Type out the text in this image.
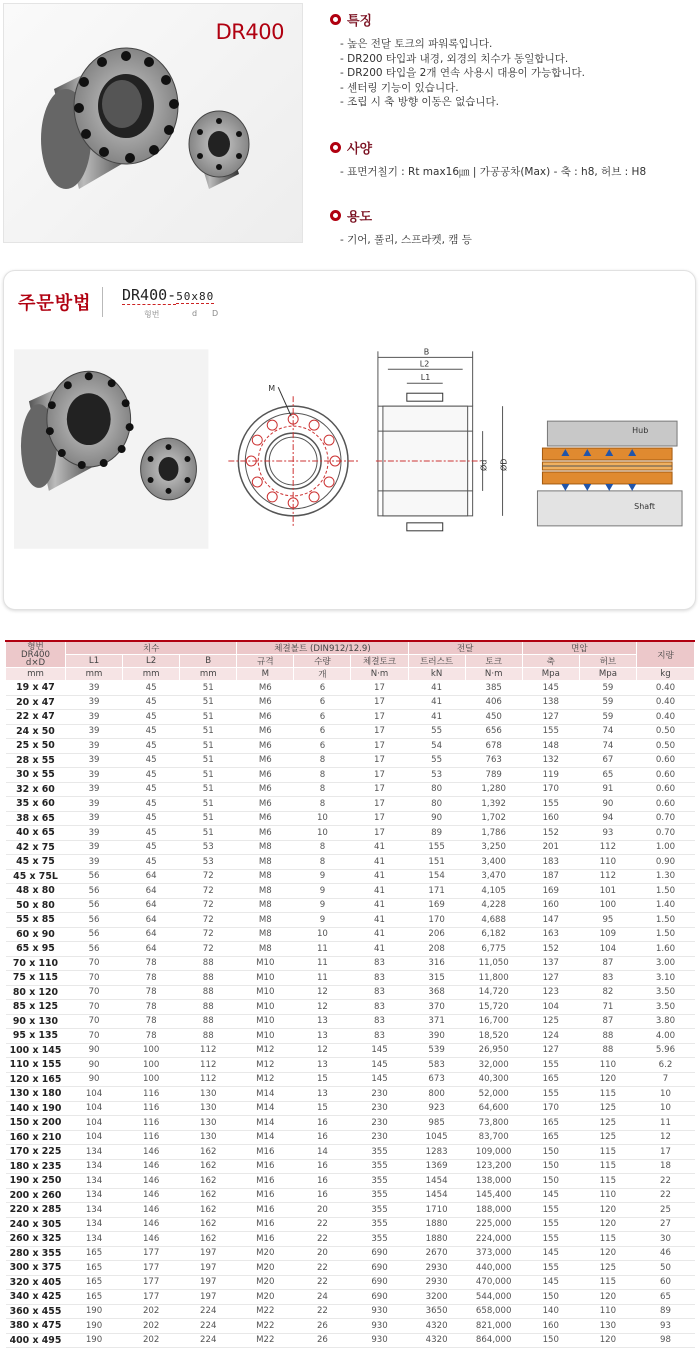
DR400	특징
- 높은 전달 토크의 파워록입니다.
- DR200 타입과 내경, 외경의 치수가 동일합니다.
- DR200 타입을 2개 연속 사용시 대용이 가능합니다.
- 센터링 기능이 있습니다.
- 조립 시 축 방향 이동은 없습니다.
사양
- 표면거칠기 : Rt max16㎛ | 가공공차(Max) - 축 : h8, 허브 : H8
용도
- 기어, 풀리, 스프라켓, 캠 등
주문방법 DR400-50x80
형번	d D
M
B
L2
L1
Ød ØD
Hub
Shaft
형번
DR400
d×D	치수			체결볼트 (DIN912/12.9)			전달		면압		지량
	L1	L2	B	규격	수량	체결토크	트러스트	토크	축	허브	
mm	mm	mm	mm	M	개	N·m	kN	N·m	Mpa	Mpa	kg
19 x 47	39	45	51	M6	6	17	41	385	145	59	0.40
20 x 47	39	45	51	M6	6	17	41	406	138	59	0.40
22 x 47	39	45	51	M6	6	17	41	450	127	59	0.40
24 x 50	39	45	51	M6	6	17	55	656	155	74	0.50
25 x 50	39	45	51	M6	6	17	54	678	148	74	0.50
28 x 55	39	45	51	M6	8	17	55	763	132	67	0.60
30 x 55	39	45	51	M6	8	17	53	789	119	65	0.60
32 x 60	39	45	51	M6	8	17	80	1,280	170	91	0.60
35 x 60	39	45	51	M6	8	17	80	1,392	155	90	0.60
38 x 65	39	45	51	M6	10	17	90	1,702	160	94	0.70
40 x 65	39	45	51	M6	10	17	89	1,786	152	93	0.70
42 x 75	39	45	53	M8	8	41	155	3,250	201	112	1.00
45 x 75	39	45	53	M8	8	41	151	3,400	183	110	0.90
45 x 75L	56	64	72	M8	9	41	154	3,470	187	112	1.30
48 x 80	56	64	72	M8	9	41	171	4,105	169	101	1.50
50 x 80	56	64	72	M8	9	41	169	4,228	160	100	1.40
55 x 85	56	64	72	M8	9	41	170	4,688	147	95	1.50
60 x 90	56	64	72	M8	10	41	206	6,182	163	109	1.50
65 x 95	56	64	72	M8	11	41	208	6,775	152	104	1.60
70 x 110	70	78	88	M10	11	83	316	11,050	137	87	3.00
75 x 115	70	78	88	M10	11	83	315	11,800	127	83	3.10
80 x 120	70	78	88	M10	12	83	368	14,720	123	82	3.50
85 x 125	70	78	88	M10	12	83	370	15,720	104	71	3.50
90 x 130	70	78	88	M10	13	83	371	16,700	125	87	3.80
95 x 135	70	78	88	M10	13	83	390	18,520	124	88	4.00
100 x 145	90	100	112	M12	12	145	539	26,950	127	88	5.96
110 x 155	90	100	112	M12	13	145	583	32,000	155	110	6.2
120 x 165	90	100	112	M12	15	145	673	40,300	165	120	7
130 x 180	104	116	130	M14	13	230	800	52,000	155	115	10
140 x 190	104	116	130	M14	15	230	923	64,600	170	125	10
150 x 200	104	116	130	M14	16	230	985	73,800	165	125	11
160 x 210	104	116	130	M14	16	230	1045	83,700	165	125	12
170 x 225	134	146	162	M16	14	355	1283	109,000	150	115	17
180 x 235	134	146	162	M16	16	355	1369	123,200	150	115	18
190 x 250	134	146	162	M16	16	355	1454	138,000	150	115	22
200 x 260	134	146	162	M16	16	355	1454	145,400	145	110	22
220 x 285	134	146	162	M16	20	355	1710	188,000	155	120	25
240 x 305	134	146	162	M16	22	355	1880	225,000	155	120	27
260 x 325	134	146	162	M16	22	355	1880	224,000	155	115	30
280 x 355	165	177	197	M20	20	690	2670	373,000	145	120	46
300 x 375	165	177	197	M20	22	690	2930	440,000	155	125	50
320 x 405	165	177	197	M20	22	690	2930	470,000	145	115	60
340 x 425	165	177	197	M20	24	690	3200	544,000	150	120	65
360 x 455	190	202	224	M22	22	930	3650	658,000	140	110	89
380 x 475	190	202	224	M22	26	930	4320	821,000	160	130	93
400 x 495	190	202	224	M22	26	930	4320	864,000	150	120	98
